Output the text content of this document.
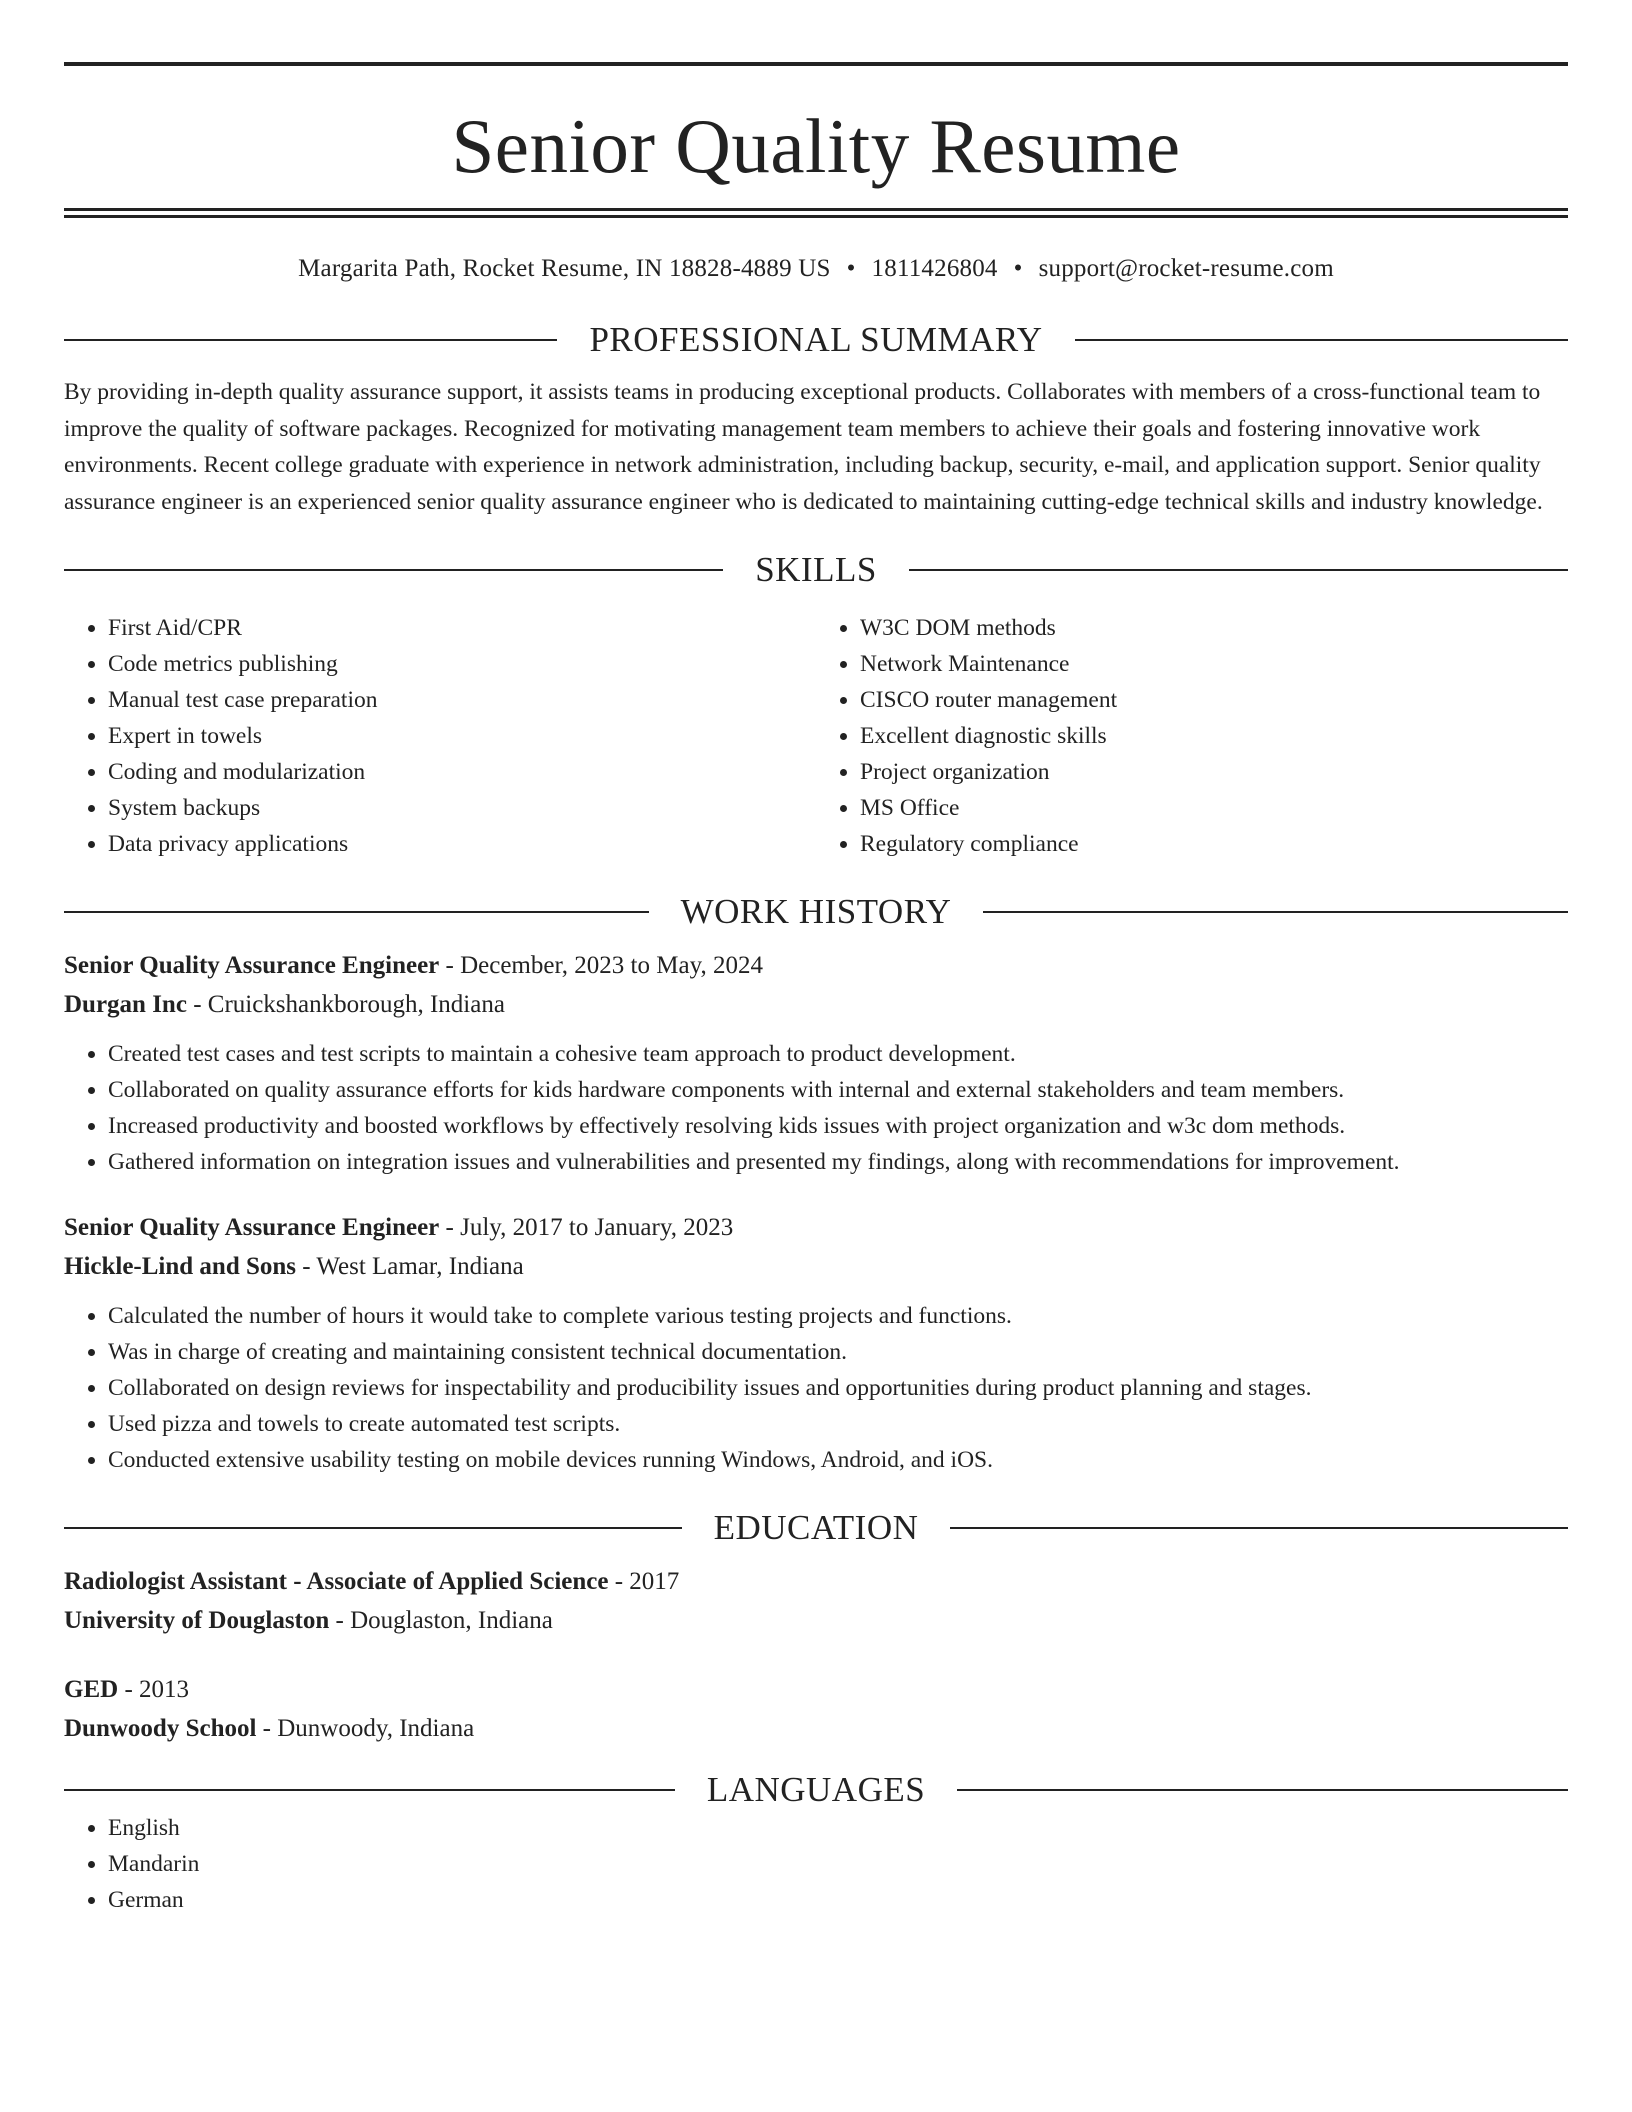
Senior Quality Resume
Margarita Path, Rocket Resume, IN 18828-4889 US • 1811426804 • support@rocket-resume.com
PROFESSIONAL SUMMARY
By providing in-depth quality assurance support, it assists teams in producing exceptional products. Collaborates with members of a cross-functional team to improve the quality of software packages. Recognized for motivating management team members to achieve their goals and fostering innovative work environments. Recent college graduate with experience in network administration, including backup, security, e-mail, and application support. Senior quality assurance engineer is an experienced senior quality assurance engineer who is dedicated to maintaining cutting-edge technical skills and industry knowledge.
SKILLS
• First Aid/CPR
• Code metrics publishing
• Manual test case preparation
• Expert in towels
• Coding and modularization
• System backups
• Data privacy applications
• W3C DOM methods
• Network Maintenance
• CISCO router management
• Excellent diagnostic skills
• Project organization
• MS Office
• Regulatory compliance
WORK HISTORY
Senior Quality Assurance Engineer - December, 2023 to May, 2024
Durgan Inc - Cruickshankborough, Indiana
• Created test cases and test scripts to maintain a cohesive team approach to product development.
• Collaborated on quality assurance efforts for kids hardware components with internal and external stakeholders and team members.
• Increased productivity and boosted workflows by effectively resolving kids issues with project organization and w3c dom methods.
• Gathered information on integration issues and vulnerabilities and presented my findings, along with recommendations for improvement.
Senior Quality Assurance Engineer - July, 2017 to January, 2023
Hickle-Lind and Sons - West Lamar, Indiana
• Calculated the number of hours it would take to complete various testing projects and functions.
• Was in charge of creating and maintaining consistent technical documentation.
• Collaborated on design reviews for inspectability and producibility issues and opportunities during product planning and stages.
• Used pizza and towels to create automated test scripts.
• Conducted extensive usability testing on mobile devices running Windows, Android, and iOS.
EDUCATION
Radiologist Assistant - Associate of Applied Science - 2017
University of Douglaston - Douglaston, Indiana
GED - 2013
Dunwoody School - Dunwoody, Indiana
LANGUAGES
• English
• Mandarin
• German
